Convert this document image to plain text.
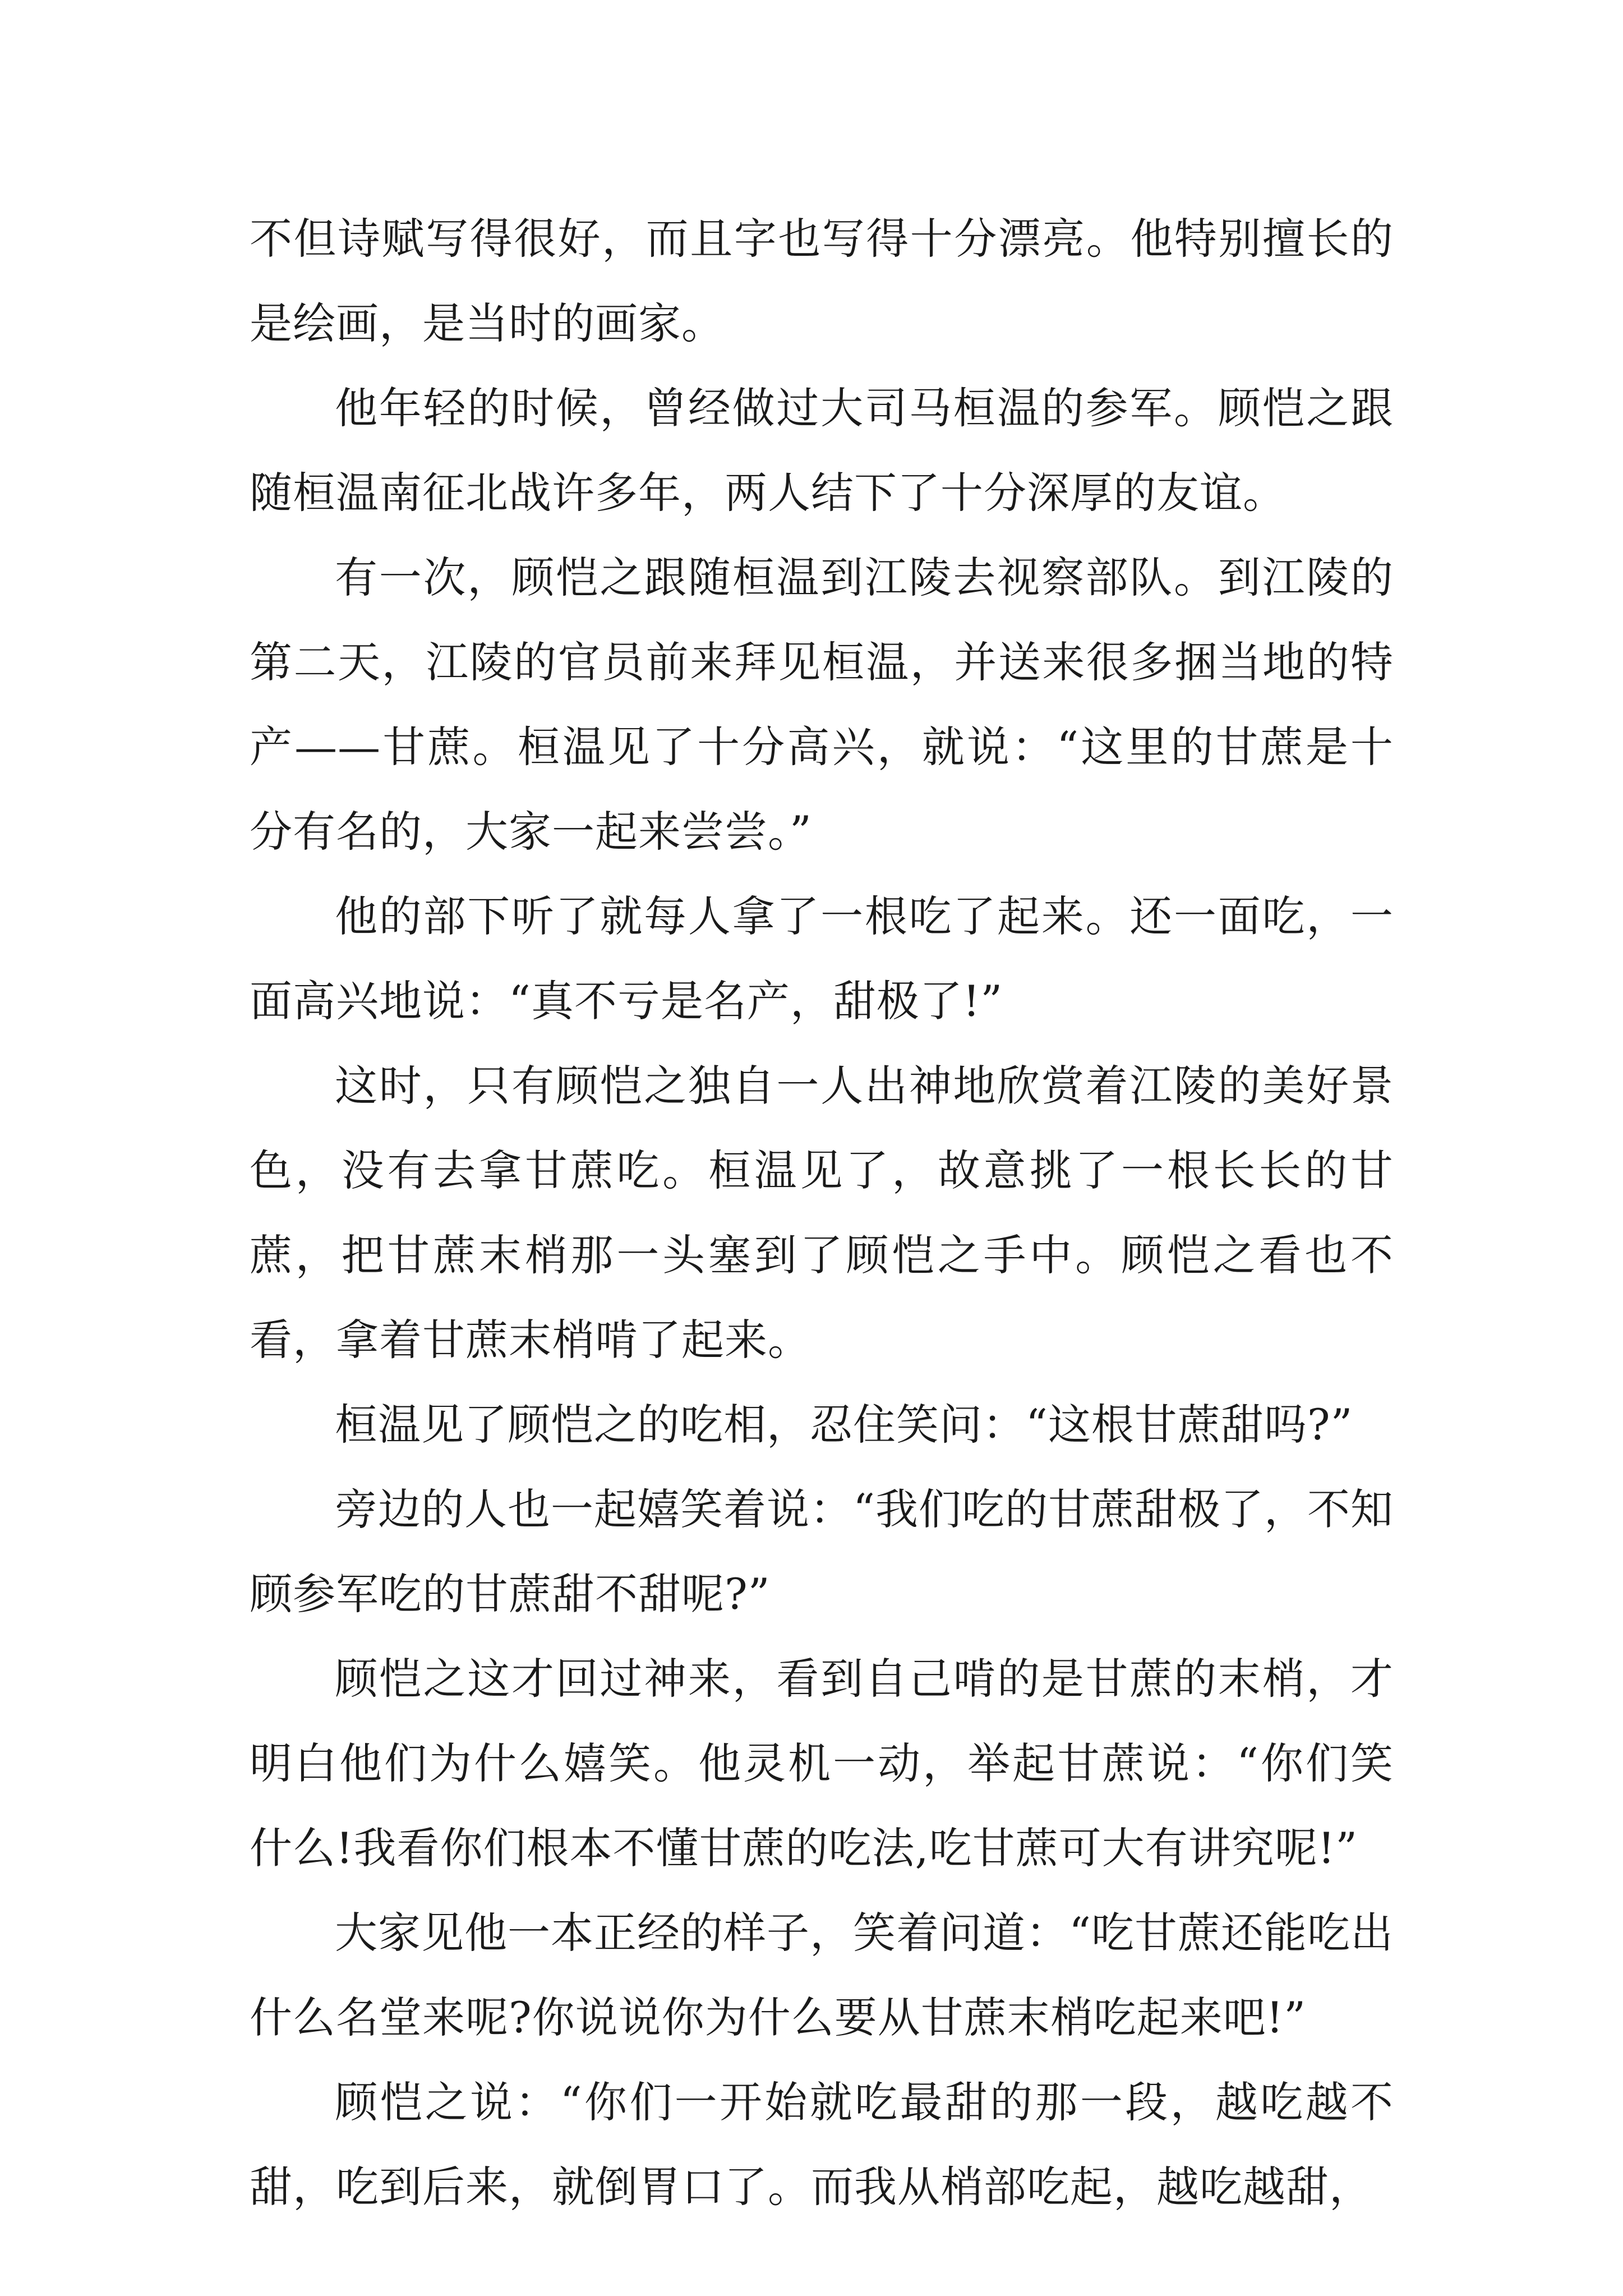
不但诗赋写得很好，而且字也写得十分漂亮。他特别擅长的是绘画，是当时的画家。

他年轻的时候，曾经做过大司马桓温的参军。顾恺之跟随桓温南征北战许多年，两人结下了十分深厚的友谊。

有一次，顾恺之跟随桓温到江陵去视察部队。到江陵的第二天，江陵的官员前来拜见桓温，并送来很多捆当地的特产——甘蔗。桓温见了十分高兴，就说：“这里的甘蔗是十分有名的，大家一起来尝尝。”

他的部下听了就每人拿了一根吃了起来。还一面吃，一面高兴地说：“真不亏是名产，甜极了!”

这时，只有顾恺之独自一人出神地欣赏着江陵的美好景色，没有去拿甘蔗吃。桓温见了，故意挑了一根长长的甘蔗，把甘蔗末梢那一头塞到了顾恺之手中。顾恺之看也不看，拿着甘蔗末梢啃了起来。

桓温见了顾恺之的吃相，忍住笑问：“这根甘蔗甜吗?”

旁边的人也一起嬉笑着说：“我们吃的甘蔗甜极了，不知顾参军吃的甘蔗甜不甜呢?”

顾恺之这才回过神来，看到自己啃的是甘蔗的末梢，才明白他们为什么嬉笑。他灵机一动，举起甘蔗说：“你们笑什么!我看你们根本不懂甘蔗的吃法,吃甘蔗可大有讲究呢!”

大家见他一本正经的样子，笑着问道：“吃甘蔗还能吃出什么名堂来呢?你说说你为什么要从甘蔗末梢吃起来吧!”

顾恺之说：“你们一开始就吃最甜的那一段，越吃越不甜，吃到后来，就倒胃口了。而我从梢部吃起，越吃越甜，
